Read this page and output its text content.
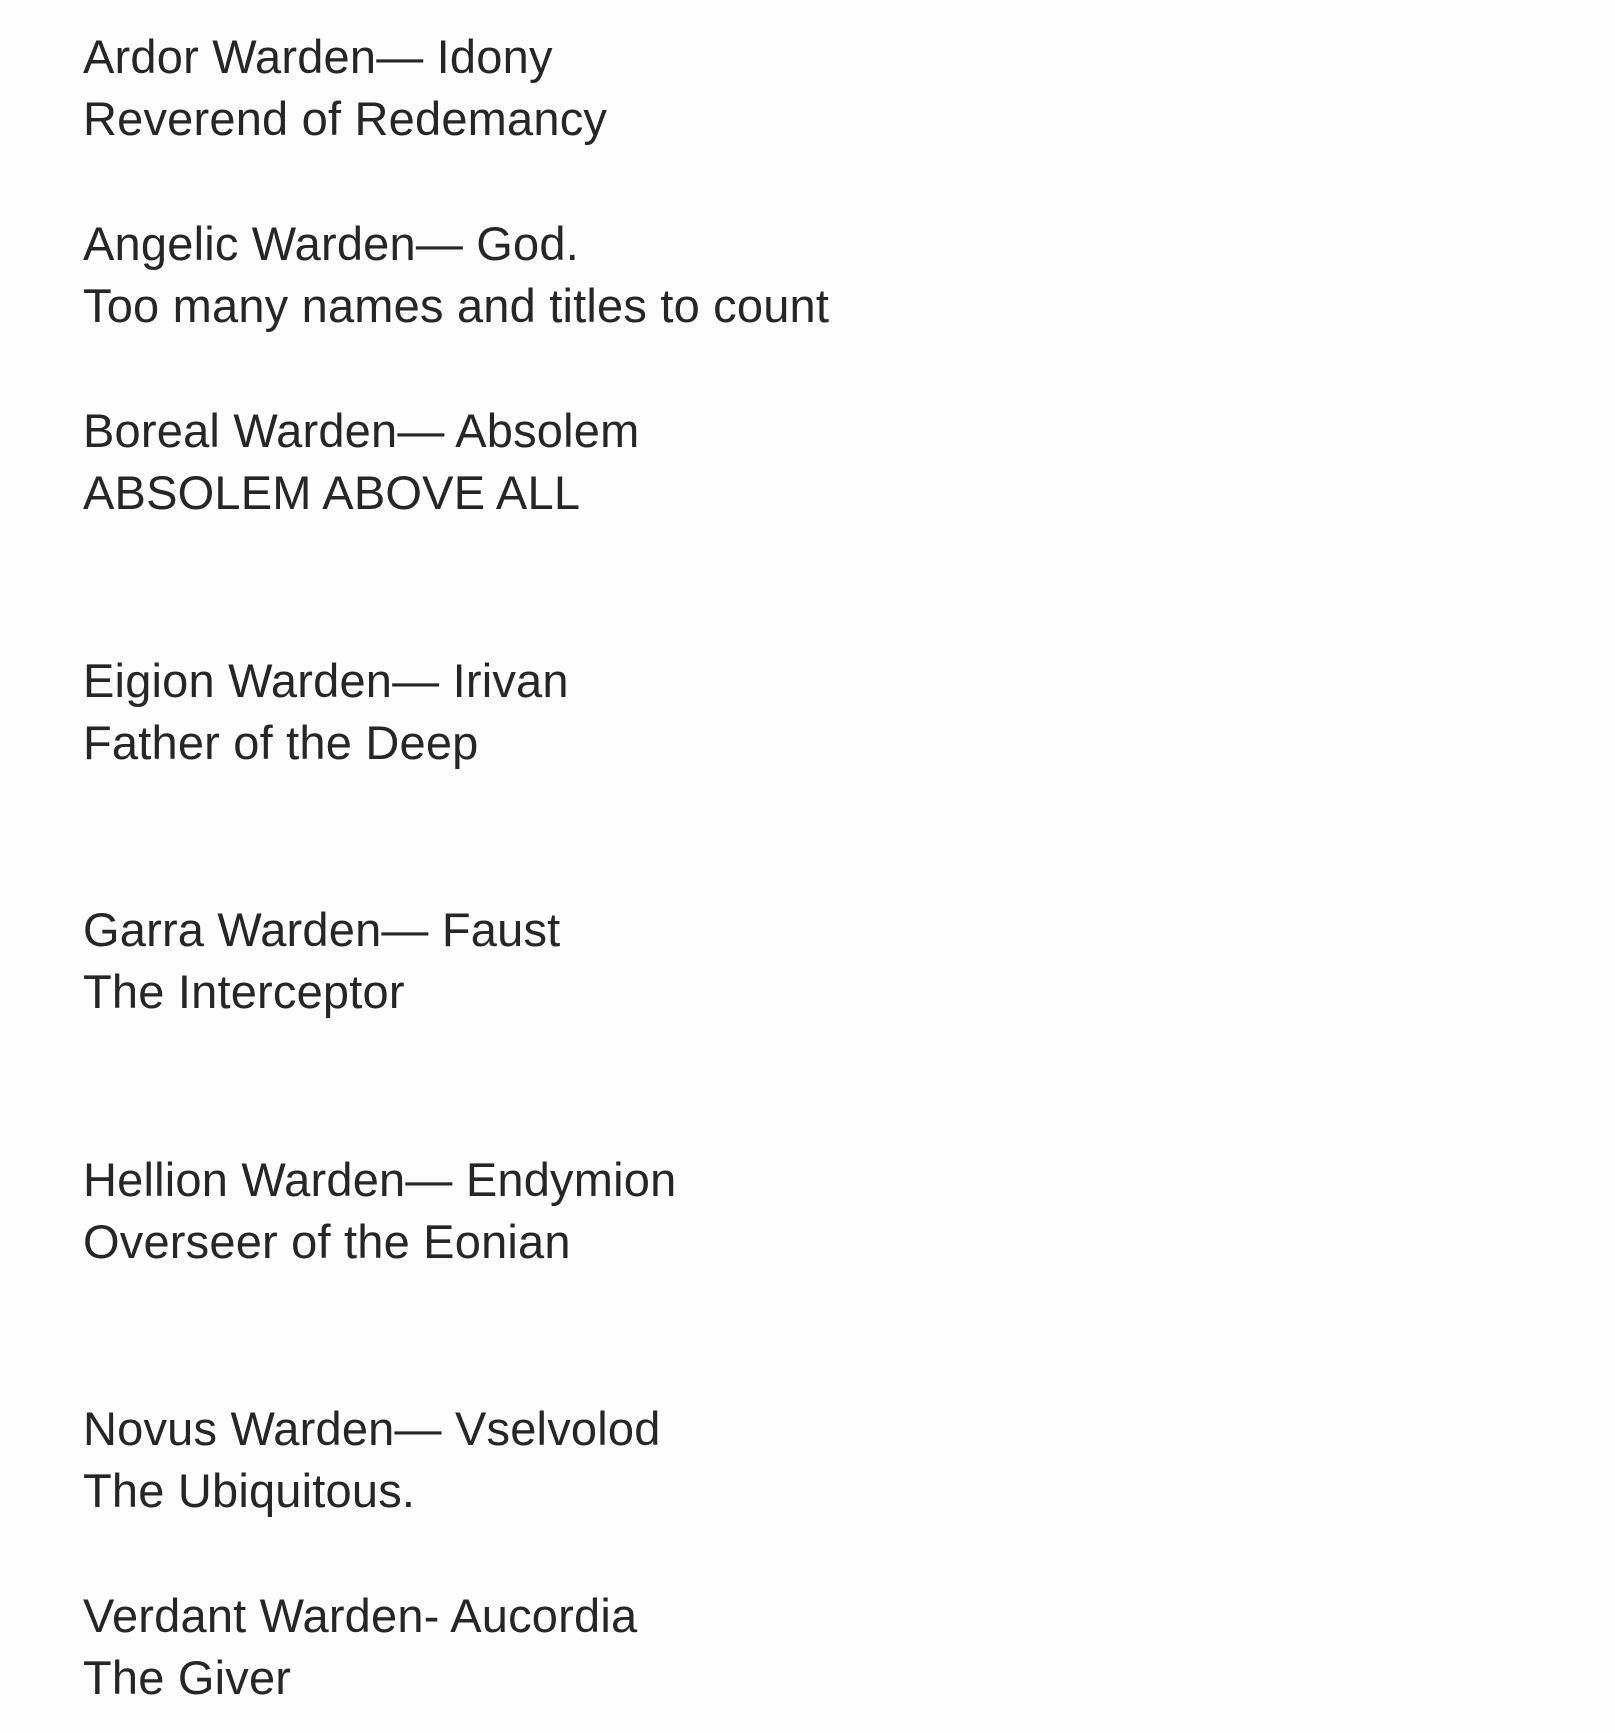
Ardor Warden— Idony
Reverend of Redemancy
Angelic Warden— God.
Too many names and titles to count
Boreal Warden— Absolem
ABSOLEM ABOVE ALL
Eigion Warden— Irivan
Father of the Deep
Garra Warden— Faust
The Interceptor
Hellion Warden— Endymion
Overseer of the Eonian
Novus Warden— Vselvolod
The Ubiquitous.
Verdant Warden- Aucordia
The Giver
